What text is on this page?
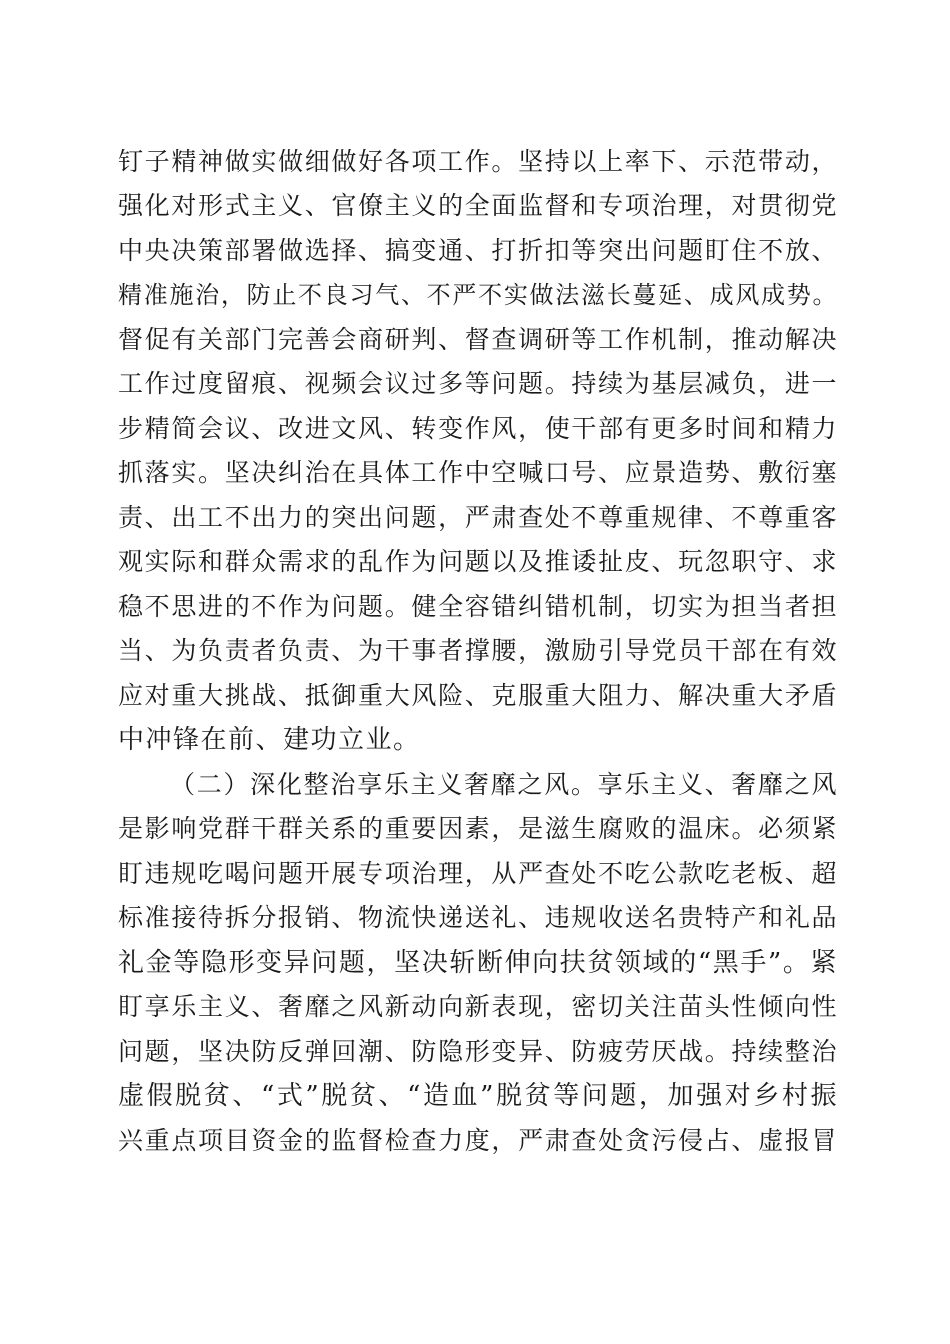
钉子精神做实做细做好各项工作。坚持以上率下、示范带动，
强化对形式主义、官僚主义的全面监督和专项治理，对贯彻党
中央决策部署做选择、搞变通、打折扣等突出问题盯住不放、
精准施治，防止不良习气、不严不实做法滋长蔓延、成风成势。
督促有关部门完善会商研判、督查调研等工作机制，推动解决
工作过度留痕、视频会议过多等问题。持续为基层减负，进一
步精简会议、改进文风、转变作风，使干部有更多时间和精力
抓落实。坚决纠治在具体工作中空喊口号、应景造势、敷衍塞
责、出工不出力的突出问题，严肃查处不尊重规律、不尊重客
观实际和群众需求的乱作为问题以及推诿扯皮、玩忽职守、求
稳不思进的不作为问题。健全容错纠错机制，切实为担当者担
当、为负责者负责、为干事者撑腰，激励引导党员干部在有效
应对重大挑战、抵御重大风险、克服重大阻力、解决重大矛盾
中冲锋在前、建功立业。
（二）深化整治享乐主义奢靡之风。享乐主义、奢靡之风
是影响党群干群关系的重要因素，是滋生腐败的温床。必须紧
盯违规吃喝问题开展专项治理，从严查处不吃公款吃老板、超
标准接待拆分报销、物流快递送礼、违规收送名贵特产和礼品
礼金等隐形变异问题，坚决斩断伸向扶贫领域的“黑手”。紧
盯享乐主义、奢靡之风新动向新表现，密切关注苗头性倾向性
问题，坚决防反弹回潮、防隐形变异、防疲劳厌战。持续整治
虚假脱贫、“式”脱贫、“造血”脱贫等问题，加强对乡村振
兴重点项目资金的监督检查力度，严肃查处贪污侵占、虚报冒
